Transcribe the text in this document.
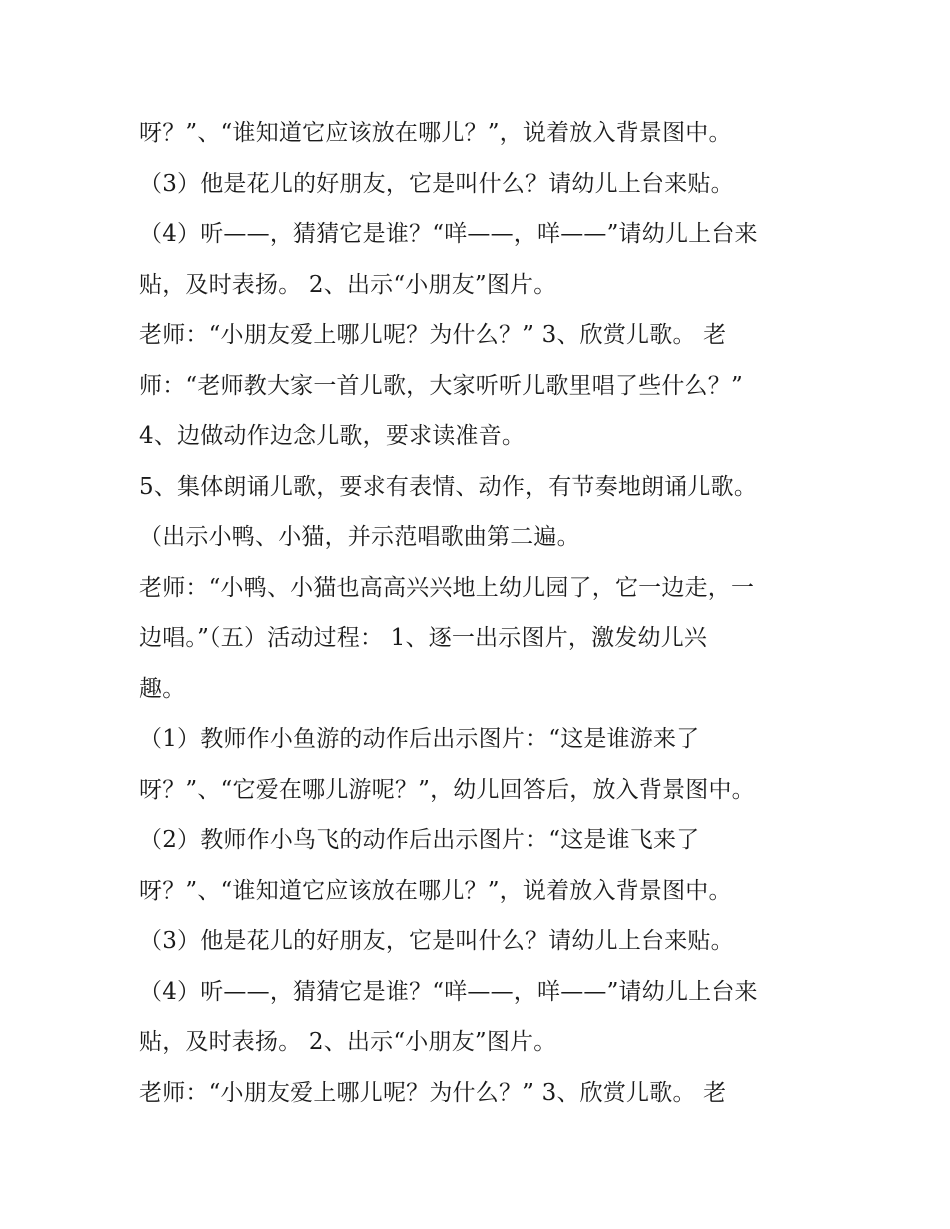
呀？”、“谁知道它应该放在哪儿？”，说着放入背景图中。
（3）他是花儿的好朋友，它是叫什么？请幼儿上台来贴。
（4）听——，猜猜它是谁？“咩——，咩——”请幼儿上台来
贴，及时表扬。 2、出示“小朋友”图片。
老师：“小朋友爱上哪儿呢？为什么？” 3、欣赏儿歌。 老
师：“老师教大家一首儿歌，大家听听儿歌里唱了些什么？”
4、边做动作边念儿歌，要求读准音。
5、集体朗诵儿歌，要求有表情、动作，有节奏地朗诵儿歌。
（出示小鸭、小猫，并示范唱歌曲第二遍。
老师：“小鸭、小猫也高高兴兴地上幼儿园了，它一边走，一
边唱。”（五）活动过程： 1、逐一出示图片，激发幼儿兴
趣。
（1）教师作小鱼游的动作后出示图片：“这是谁游来了
呀？”、“它爱在哪儿游呢？”，幼儿回答后，放入背景图中。
（2）教师作小鸟飞的动作后出示图片：“这是谁飞来了
呀？”、“谁知道它应该放在哪儿？”，说着放入背景图中。
（3）他是花儿的好朋友，它是叫什么？请幼儿上台来贴。
（4）听——，猜猜它是谁？“咩——，咩——”请幼儿上台来
贴，及时表扬。 2、出示“小朋友”图片。
老师：“小朋友爱上哪儿呢？为什么？” 3、欣赏儿歌。 老
